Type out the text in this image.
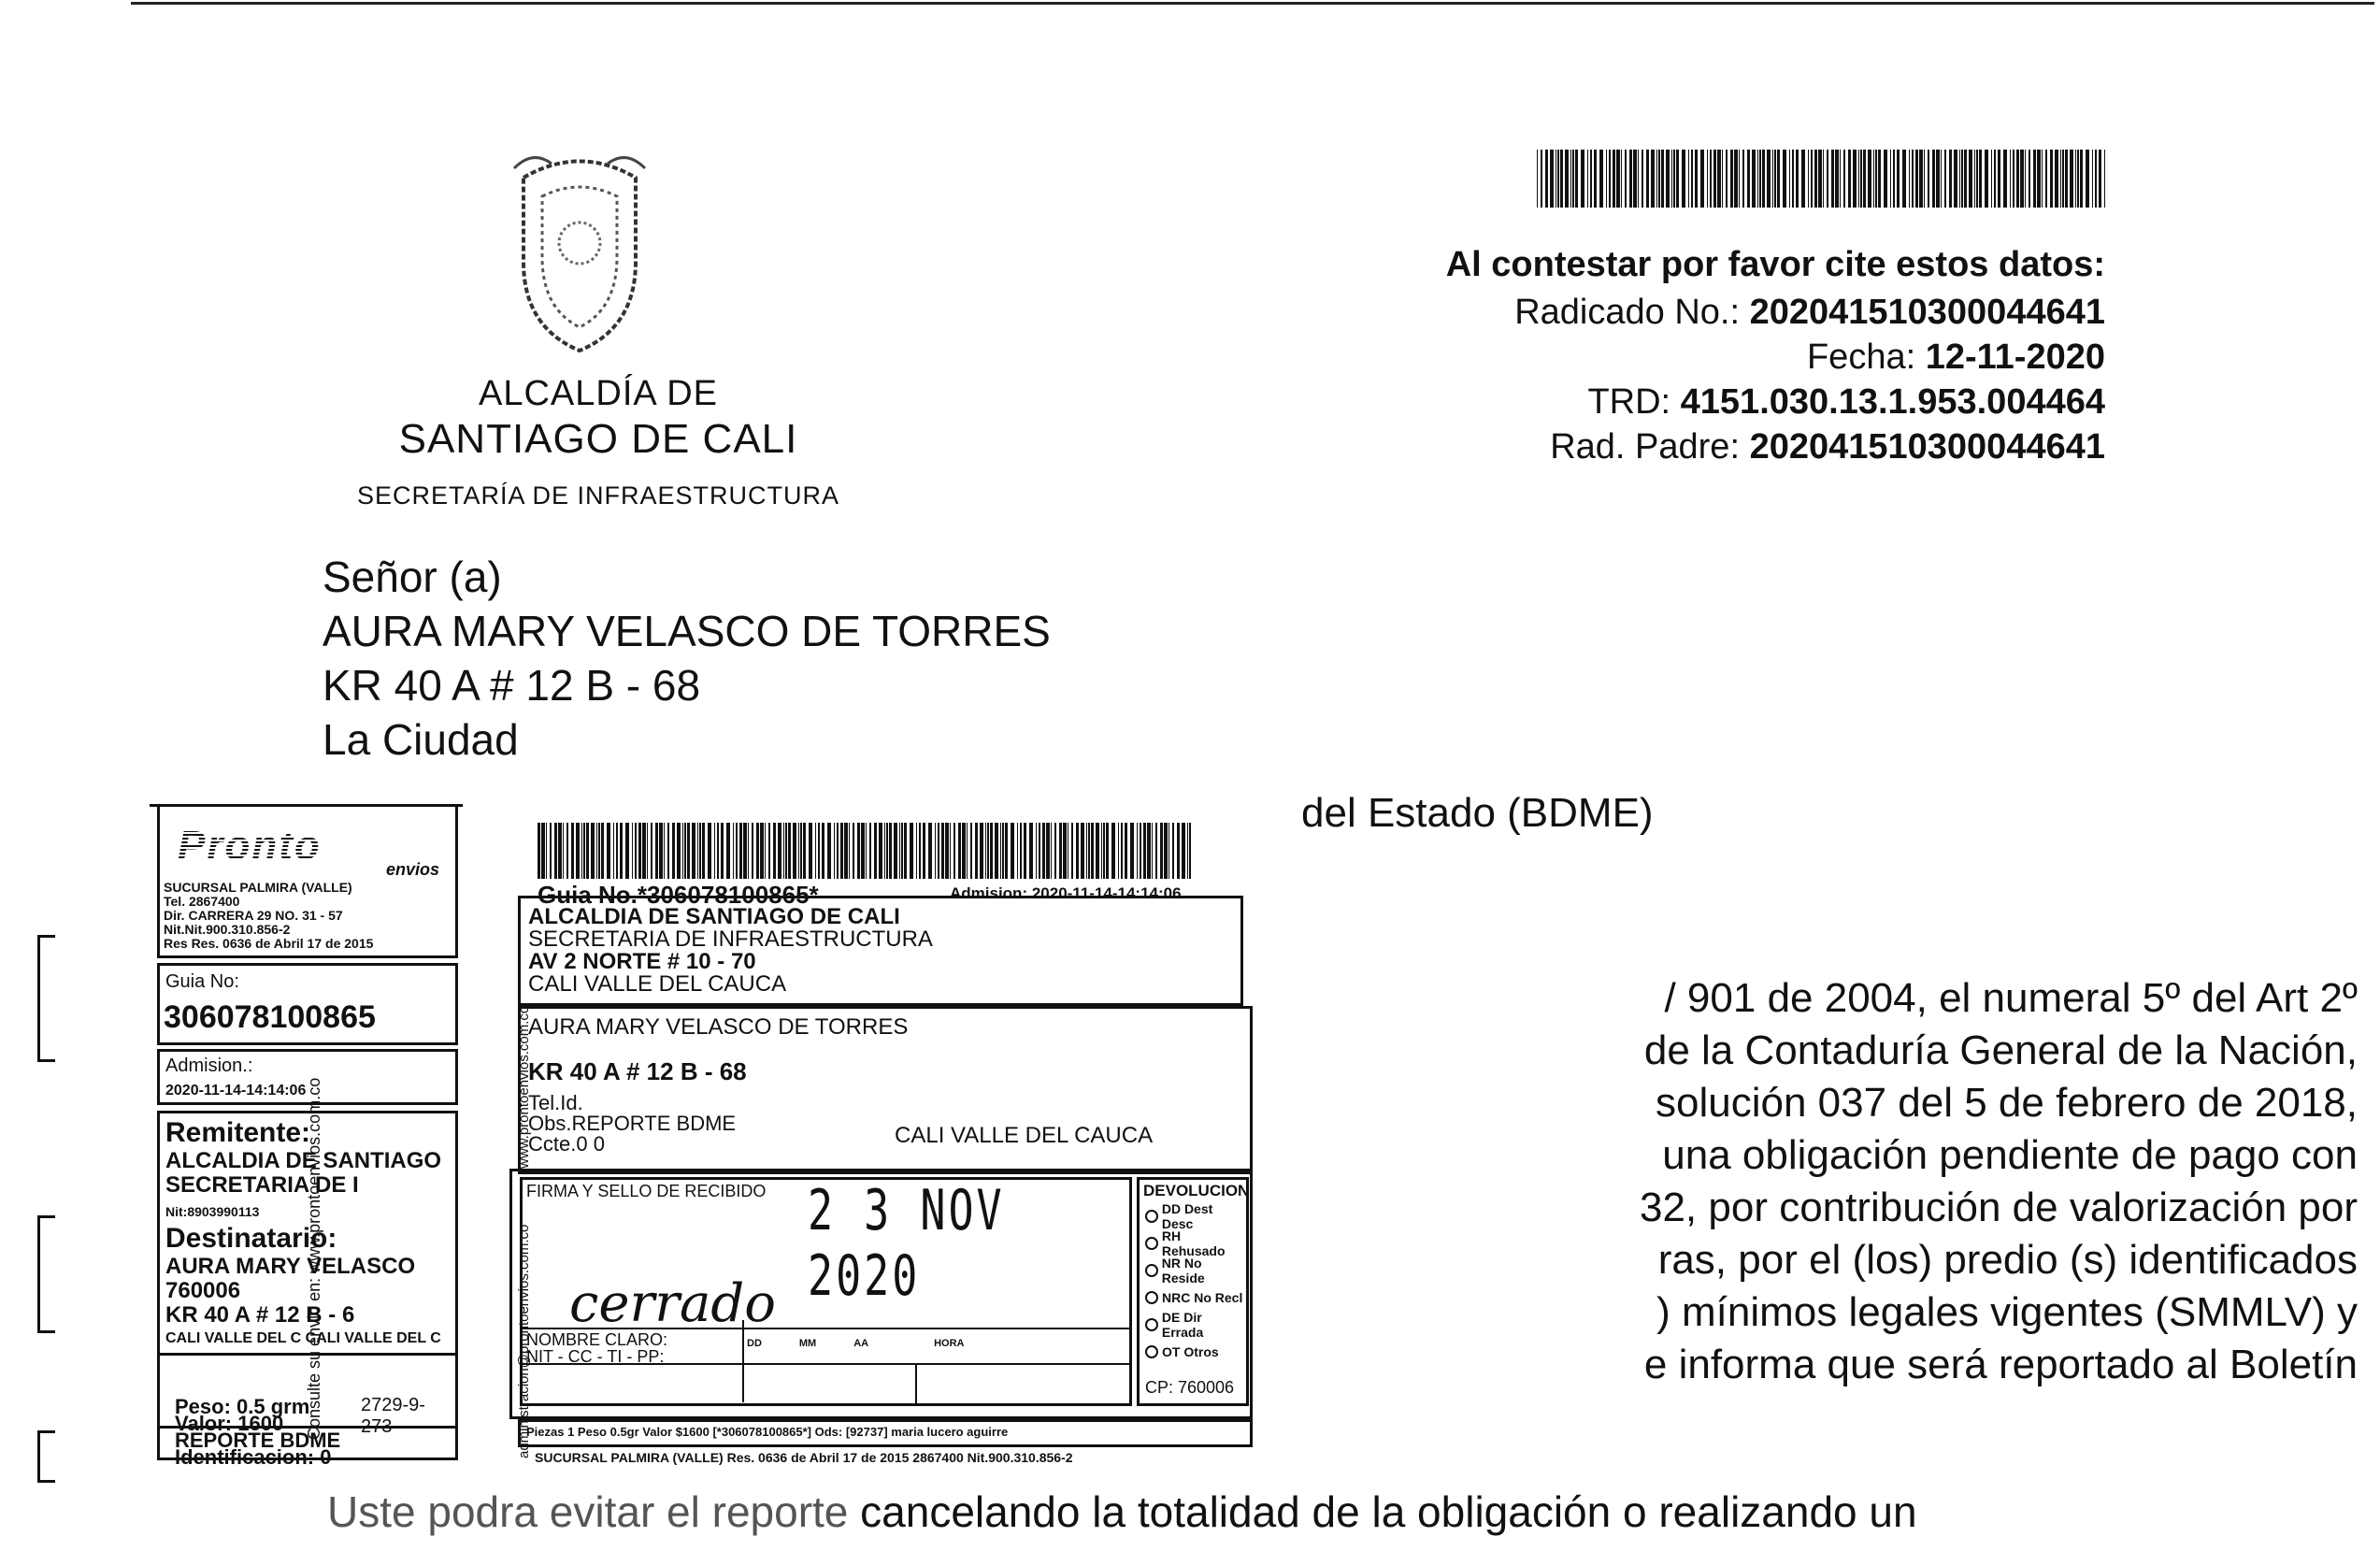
ALCALDÍA DE
SANTIAGO DE CALI
SECRETARÍA DE INFRAESTRUCTURA
Al contestar por favor cite estos datos:
Radicado No.: 202041510300044641
Fecha: 12-11-2020
TRD: 4151.030.13.1.953.004464
Rad. Padre: 202041510300044641
Señor (a)
AURA MARY VELASCO DE TORRES
KR 40 A # 12 B - 68
La Ciudad
del Estado (BDME)
/ 901 de 2004, el numeral 5º del Art 2º
de la Contaduría General de la Nación,
solución 037 del 5 de febrero de 2018,
una obligación pendiente de pago con
32, por contribución de valorización por
ras, por el (los) predio (s) identificados
) mínimos legales vigentes (SMMLV) y
e informa que será reportado al Boletín
Uste podra evitar el reporte cancelando la totalidad de la obligación o realizando un
Pronto
envios
SUCURSAL PALMIRA (VALLE)
Tel. 2867400
Dir. CARRERA 29 NO. 31 - 57
Nit.Nit.900.310.856-2
Res Res. 0636 de Abril 17 de 2015
Guia No:
306078100865
Admision.:
2020-11-14-14:14:06
Remitente:
ALCALDIA DE SANTIAGO
SECRETARIA DE I
Nit:8903990113
Destinatario:
AURA MARY VELASCO
760006
KR 40 A # 12 B - 6
CALI VALLE DEL C CALI VALLE DEL C
Peso: 0.5 grm
Valor: 1600
REPORTE BDME
Identificacion: 0
2729-9-273
Consulte su envio en: www.prontoenvios.com.co
Guia No.*306078100865*	Admision: 2020-11-14-14:14:06
www.prontoenvios.com.co
administracion@prontoenvios.com.co
ALCALDIA DE SANTIAGO DE CALI
SECRETARIA DE INFRAESTRUCTURA
AV 2 NORTE # 10 - 70
CALI VALLE DEL CAUCA
AURA MARY VELASCO DE TORRES
KR 40 A # 12 B - 68
Tel.Id.
Obs.REPORTE BDME
Ccte.0 0	CALI VALLE DEL CAUCA
FIRMA Y SELLO DE RECIBIDO 2 3 NOV 2020
cerrado
NOMBRE CLARO:
NIT - CC - TI - PP:
DD	MM	AA	HORA
DEVOLUCION
DD Dest Desc
RH Rehusado
NR No Reside
NRC No Recl
DE Dir Errada
OT Otros
CP: 760006
Piezas 1 Peso 0.5gr Valor $1600 [*306078100865*] Ods: [92737] maria lucero aguirre
SUCURSAL PALMIRA (VALLE) Res. 0636 de Abril 17 de 2015 2867400 Nit.900.310.856-2
